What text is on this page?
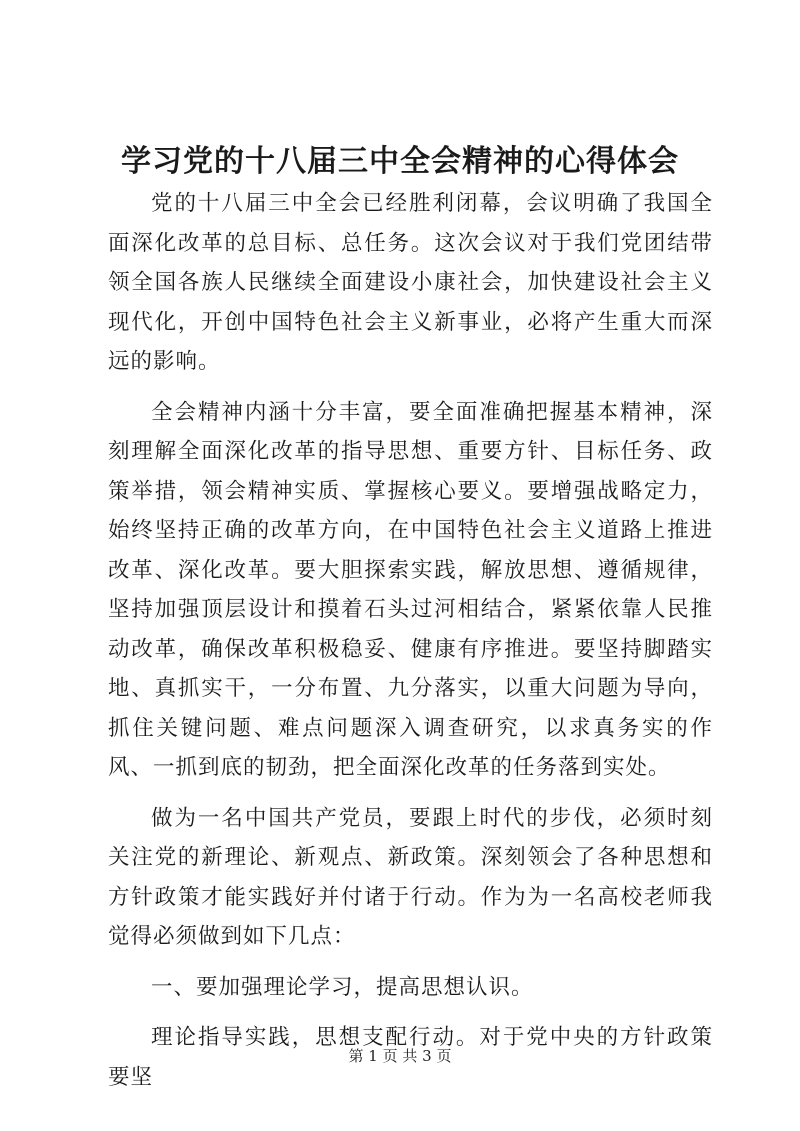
学习党的十八届三中全会精神的心得体会

党的十八届三中全会已经胜利闭幕，会议明确了我国全面深化改革的总目标、总任务。这次会议对于我们党团结带领全国各族人民继续全面建设小康社会，加快建设社会主义现代化，开创中国特色社会主义新事业，必将产生重大而深远的影响。

全会精神内涵十分丰富，要全面准确把握基本精神，深刻理解全面深化改革的指导思想、重要方针、目标任务、政策举措，领会精神实质、掌握核心要义。要增强战略定力，始终坚持正确的改革方向，在中国特色社会主义道路上推进改革、深化改革。要大胆探索实践，解放思想、遵循规律，坚持加强顶层设计和摸着石头过河相结合，紧紧依靠人民推动改革，确保改革积极稳妥、健康有序推进。要坚持脚踏实地、真抓实干，一分布置、九分落实，以重大问题为导向，抓住关键问题、难点问题深入调查研究，以求真务实的作风、一抓到底的韧劲，把全面深化改革的任务落到实处。

做为一名中国共产党员，要跟上时代的步伐，必须时刻关注党的新理论、新观点、新政策。深刻领会了各种思想和方针政策才能实践好并付诸于行动。作为为一名高校老师我觉得必须做到如下几点：

一、要加强理论学习，提高思想认识。

理论指导实践，思想支配行动。对于党中央的方针政策要坚

第 1 页 共 3 页
